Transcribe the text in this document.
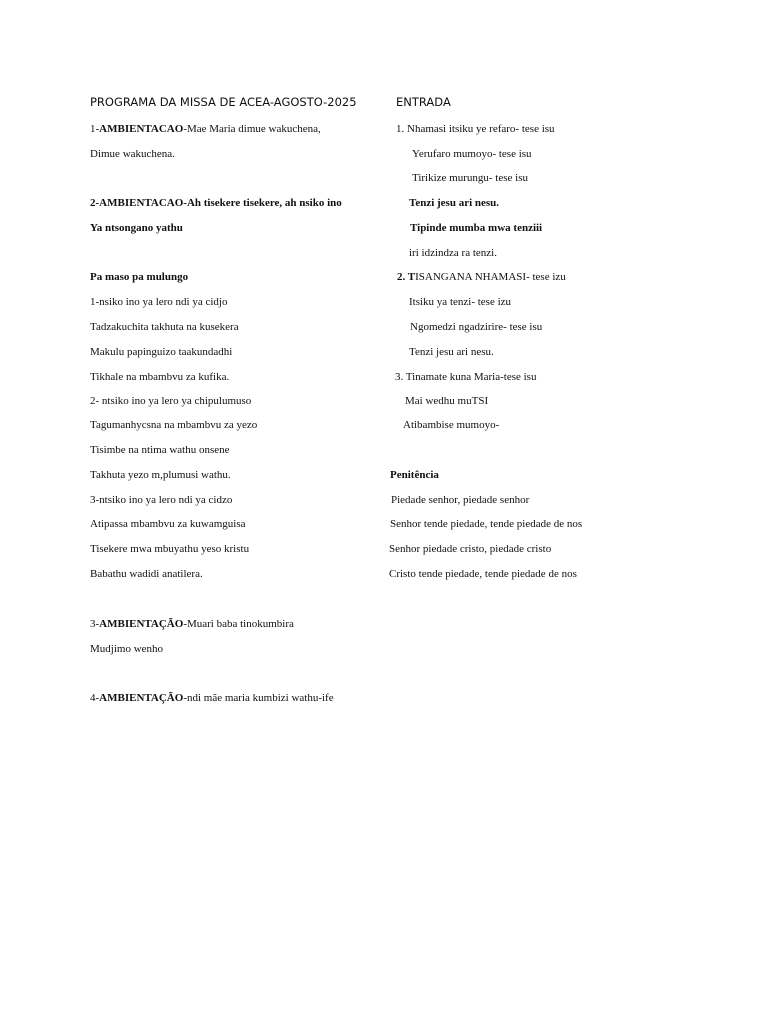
PROGRAMA DA MISSA DE ACEA-AGOSTO-2025
1-AMBIENTACAO-Mae Maria dimue wakuchena,
Dimue wakuchena.
2-AMBIENTACAO-Ah tisekere tisekere, ah nsiko ino
Ya ntsongano yathu
Pa maso pa mulungo
1-nsiko ino ya lero ndi ya cidjo
Tadzakuchita takhuta na kusekera
Makulu papinguizo taakundadhi
Tikhale na mbambvu za kufika.
2- ntsiko ino ya lero ya chipulumuso
Tagumanhycsna na mbambvu za yezo
Tisimbe na ntima wathu onsene
Takhuta yezo m,plumusi wathu.
3-ntsiko ino ya lero ndi ya cidzo
Atipassa mbambvu za kuwamguisa
Tisekere mwa mbuyathu yeso kristu
Babathu wadidi anatilera.
3-AMBIENTAÇÃO-Muari baba tinokumbira
Mudjimo wenho
4-AMBIENTAÇÃO-ndi mãe maria kumbizi wathu-ife
ENTRADA
1. Nhamasi itsiku ye refaro- tese isu
Yerufaro mumoyo- tese isu
Tirikize murungu- tese isu
Tenzi jesu ari nesu.
Tipinde mumba mwa tenziii
iri idzindza ra tenzi.
2. TISANGANA NHAMASI- tese izu
Itsiku ya tenzi- tese izu
Ngomedzi ngadzirire- tese isu
Tenzi jesu ari nesu.
3. Tinamate kuna Maria-tese isu
Mai wedhu muTSI
Atibambise mumoyo-
Penitência
Piedade senhor, piedade senhor
Senhor tende piedade, tende piedade de nos
Senhor piedade cristo, piedade cristo
Cristo tende piedade, tende piedade de nos
